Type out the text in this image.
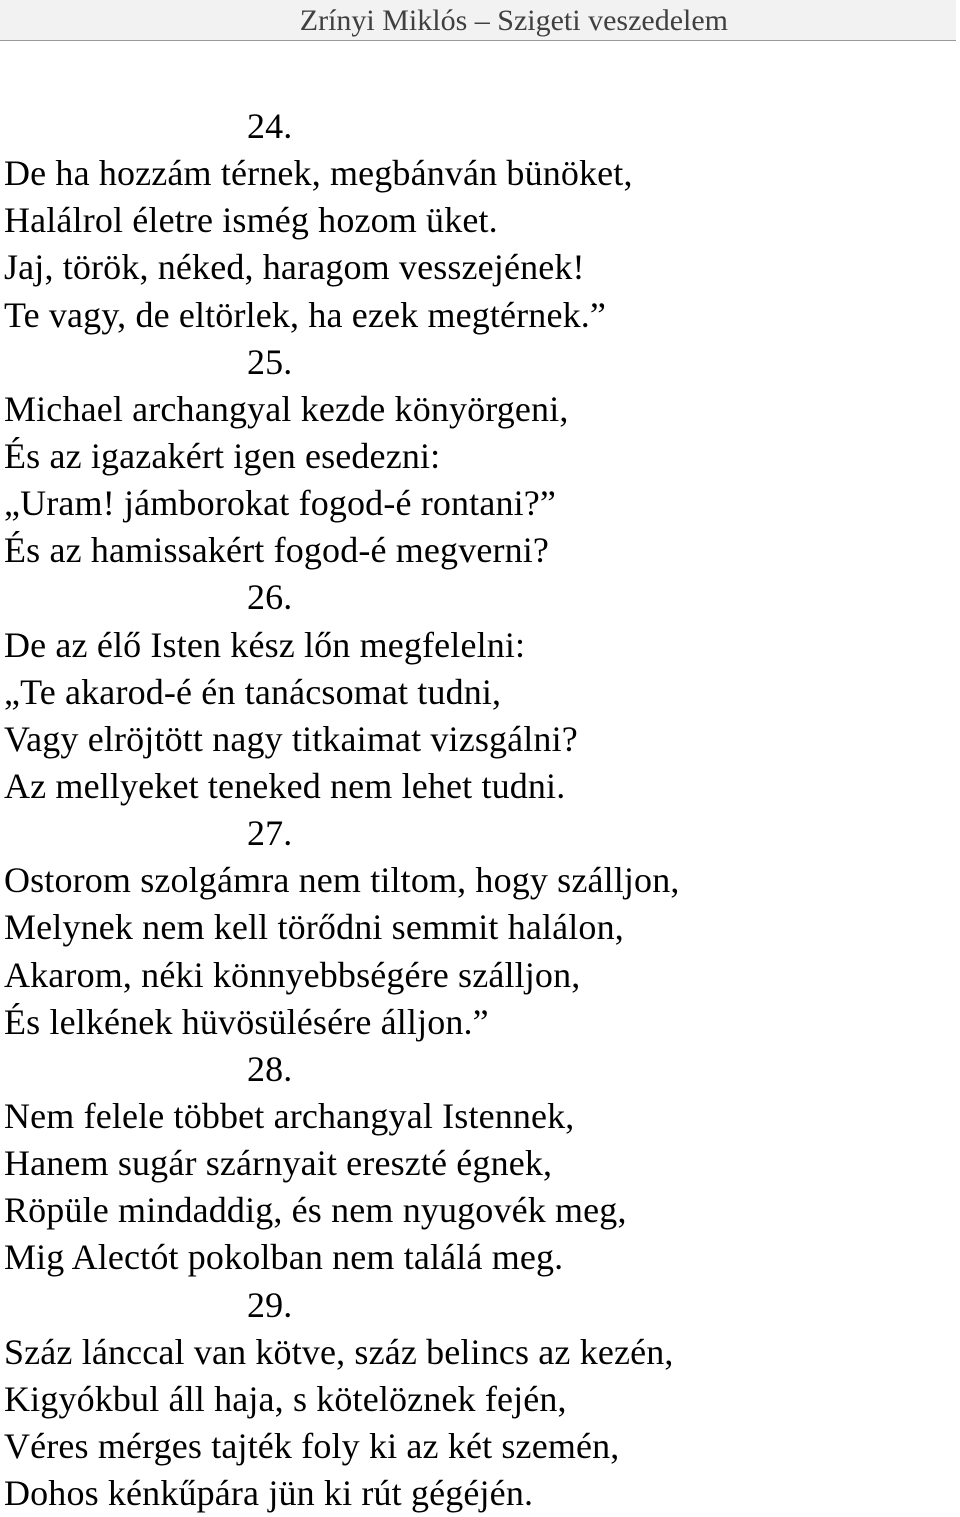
Zrínyi Miklós – Szigeti veszedelem
24.
De ha hozzám térnek, megbánván bünöket,
Halálrol életre ismég hozom üket.
Jaj, török, néked, haragom vesszejének!
Te vagy, de eltörlek, ha ezek megtérnek.”
25.
Michael archangyal kezde könyörgeni,
És az igazakért igen esedezni:
„Uram! jámborokat fogod-é rontani?”
És az hamissakért fogod-é megverni?
26.
De az élő Isten kész lőn megfelelni:
„Te akarod-é én tanácsomat tudni,
Vagy elröjtött nagy titkaimat vizsgálni?
Az mellyeket teneked nem lehet tudni.
27.
Ostorom szolgámra nem tiltom, hogy szálljon,
Melynek nem kell törődni semmit halálon,
Akarom, néki könnyebbségére szálljon,
És lelkének hüvösülésére álljon.”
28.
Nem felele többet archangyal Istennek,
Hanem sugár szárnyait ereszté égnek,
Röpüle mindaddig, és nem nyugovék meg,
Mig Alectót pokolban nem találá meg.
29.
Száz lánccal van kötve, száz belincs az kezén,
Kigyókbul áll haja, s kötelöznek fején,
Véres mérges tajték foly ki az két szemén,
Dohos kénkűpára jün ki rút gégéjén.
